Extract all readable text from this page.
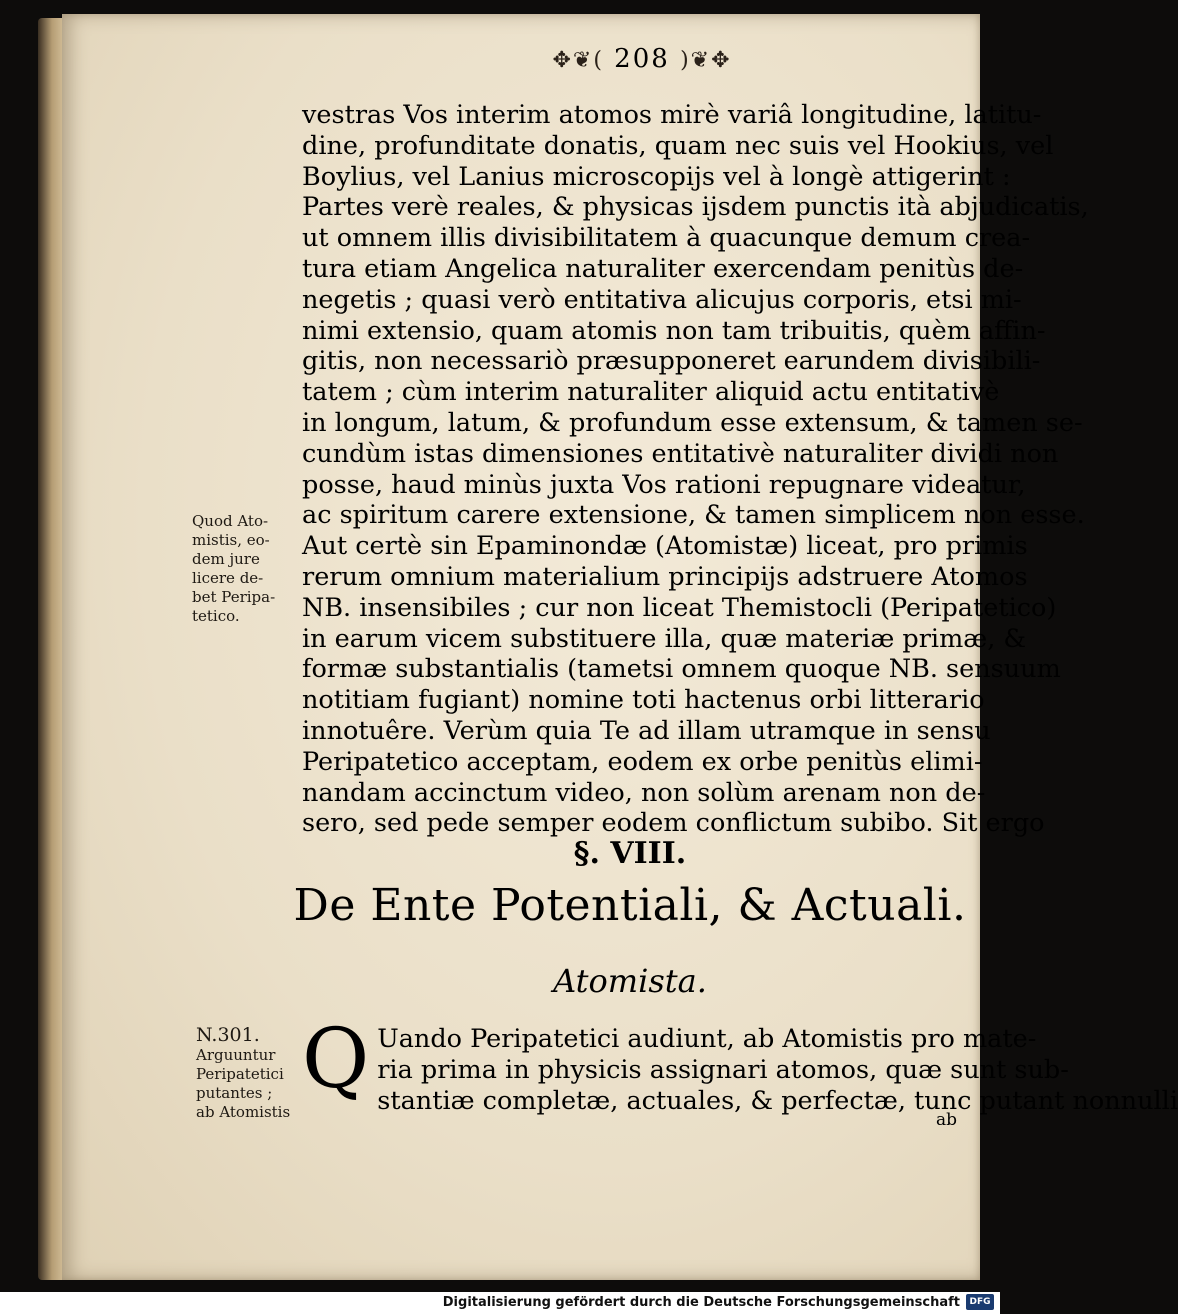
✥❦( 208 )❦✥
vestras Vos interim atomos mirè variâ longitudine, latitu-
dine, profunditate donatis, quam nec suis vel Hookius, vel
Boylius, vel Lanius microscopijs vel à longè attigerint :
Partes verè reales, & physicas ijsdem punctis ità abjudicatis,
ut omnem illis divisibilitatem à quacunque demum crea-
tura etiam Angelica naturaliter exercendam penitùs de-
negetis ; quasi verò entitativa alicujus corporis, etsi mi-
nimi extensio, quam atomis non tam tribuitis, quèm affin-
gitis, non necessariò præsupponeret earundem divisibili-
tatem ; cùm interim naturaliter aliquid actu entitativè
in longum, latum, & profundum esse extensum, & tamen se-
cundùm istas dimensiones entitativè naturaliter dividi non
posse, haud minùs juxta Vos rationi repugnare videatur,
ac spiritum carere extensione, & tamen simplicem non esse.
Aut certè sin Epaminondæ (Atomistæ) liceat, pro primis
rerum omnium materialium principijs adstruere Atomos
NB. insensibiles ; cur non liceat Themistocli (Peripatetico)
in earum vicem substituere illa, quæ materiæ primæ, &
formæ substantialis (tametsi omnem quoque NB. sensuum
notitiam fugiant) nomine toti hactenus orbi litterario
innotuêre. Verùm quia Te ad illam utramque in sensu
Peripatetico acceptam, eodem ex orbe penitùs elimi-
nandam accinctum video, non solùm arenam non de-
sero, sed pede semper eodem conflictum subibo. Sit ergo
Quod Ato-
mistis, eo-
dem jure
licere de-
bet Peripa-
tetico.
§. VIII.
De Ente Potentiali, & Actuali.
Atomista.
N.301.
Arguuntur
Peripatetici
putantes ;
ab Atomistis
Q Uando Peripatetici audiunt, ab Atomistis pro mate-
ria prima in physicis assignari atomos, quæ sunt sub-
stantiæ completæ, actuales, & perfectæ, tunc putant nonnulli
ab
Digitalisierung gefördert durch die Deutsche Forschungsgemeinschaft	DFG
